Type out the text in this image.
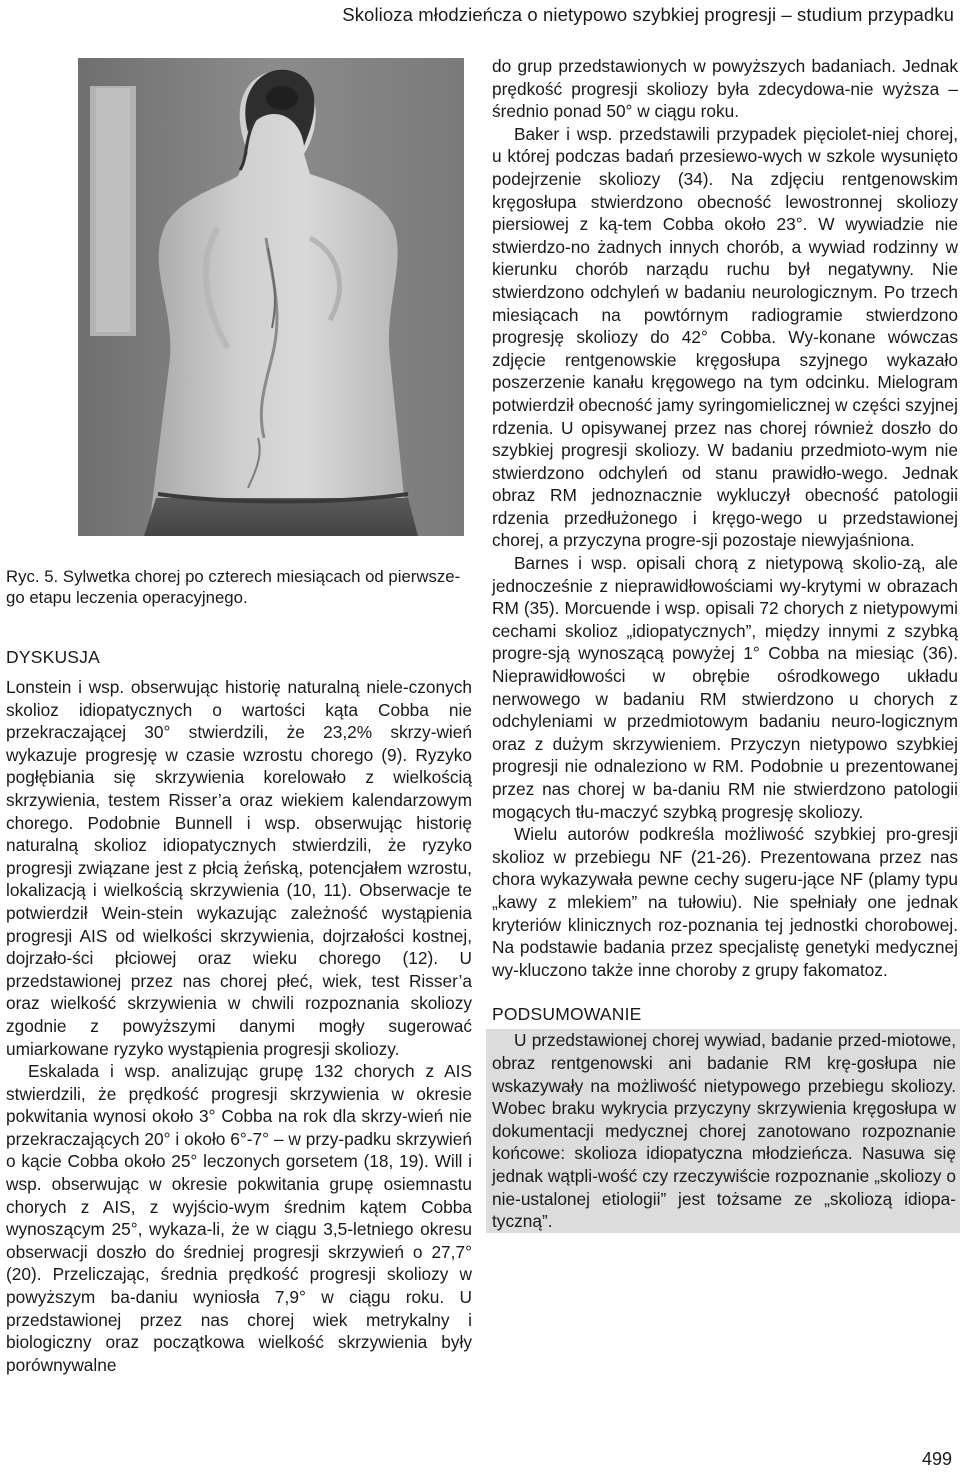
Skolioza młodzieńcza o nietypowo szybkiej progresji – studium przypadku
Ryc. 5. Sylwetka chorej po czterech miesiącach od pierwsze-go etapu leczenia operacyjnego.
DYSKUSJA

Lonstein i wsp. obserwując historię naturalną niele-czonych skolioz idiopatycznych o wartości kąta Cobba nie przekraczającej 30° stwierdzili, że 23,2% skrzy-wień wykazuje progresję w czasie wzrostu chorego (9). Ryzyko pogłębiania się skrzywienia korelowało z wielkością skrzywienia, testem Risser’a oraz wiekiem kalendarzowym chorego. Podobnie Bunnell i wsp. obserwując historię naturalną skolioz idiopatycznych stwierdzili, że ryzyko progresji związane jest z płcią żeńską, potencjałem wzrostu, lokalizacją i wielkością skrzywienia (10, 11). Obserwacje te potwierdził Wein-stein wykazując zależność wystąpienia progresji AIS od wielkości skrzywienia, dojrzałości kostnej, dojrzało-ści płciowej oraz wieku chorego (12). U przedstawionej przez nas chorej płeć, wiek, test Risser’a oraz wielkość skrzywienia w chwili rozpoznania skoliozy zgodnie z powyższymi danymi mogły sugerować umiarkowane ryzyko wystąpienia progresji skoliozy.

Eskalada i wsp. analizując grupę 132 chorych z AIS stwierdzili, że prędkość progresji skrzywienia w okresie pokwitania wynosi około 3° Cobba na rok dla skrzy-wień nie przekraczających 20° i około 6°-7° – w przy-padku skrzywień o kącie Cobba około 25° leczonych gorsetem (18, 19). Will i wsp. obserwując w okresie pokwitania grupę osiemnastu chorych z AIS, z wyjścio-wym średnim kątem Cobba wynoszącym 25°, wykaza-li, że w ciągu 3,5-letniego okresu obserwacji doszło do średniej progresji skrzywień o 27,7° (20). Przeliczając, średnia prędkość progresji skoliozy w powyższym ba-daniu wyniosła 7,9° w ciągu roku. U przedstawionej przez nas chorej wiek metrykalny i biologiczny oraz początkowa wielkość skrzywienia były porównywalne

do grup przedstawionych w powyższych badaniach. Jednak prędkość progresji skoliozy była zdecydowa-nie wyższa – średnio ponad 50° w ciągu roku.

Baker i wsp. przedstawili przypadek pięciolet-niej chorej, u której podczas badań przesiewo-wych w szkole wysunięto podejrzenie skoliozy (34). Na zdjęciu rentgenowskim kręgosłupa stwierdzono obecność lewostronnej skoliozy piersiowej z ką-tem Cobba około 23°. W wywiadzie nie stwierdzo-no żadnych innych chorób, a wywiad rodzinny w kierunku chorób narządu ruchu był negatywny. Nie stwierdzono odchyleń w badaniu neurologicznym. Po trzech miesiącach na powtórnym radiogramie stwierdzono progresję skoliozy do 42° Cobba. Wy-konane wówczas zdjęcie rentgenowskie kręgosłupa szyjnego wykazało poszerzenie kanału kręgowego na tym odcinku. Mielogram potwierdził obecność jamy syringomielicznej w części szyjnej rdzenia. U opisywanej przez nas chorej również doszło do szybkiej progresji skoliozy. W badaniu przedmioto-wym nie stwierdzono odchyleń od stanu prawidło-wego. Jednak obraz RM jednoznacznie wykluczył obecność patologii rdzenia przedłużonego i kręgo-wego u przedstawionej chorej, a przyczyna progre-sji pozostaje niewyjaśniona.

Barnes i wsp. opisali chorą z nietypową skolio-zą, ale jednocześnie z nieprawidłowościami wy-krytymi w obrazach RM (35). Morcuende i wsp. opisali 72 chorych z nietypowymi cechami skolioz „idiopatycznych”, między innymi z szybką progre-sją wynoszącą powyżej 1° Cobba na miesiąc (36). Nieprawidłowości w obrębie ośrodkowego układu nerwowego w badaniu RM stwierdzono u chorych z odchyleniami w przedmiotowym badaniu neuro-logicznym oraz z dużym skrzywieniem. Przyczyn nietypowo szybkiej progresji nie odnaleziono w RM. Podobnie u prezentowanej przez nas chorej w ba-daniu RM nie stwierdzono patologii mogących tłu-maczyć szybką progresję skoliozy.

Wielu autorów podkreśla możliwość szybkiej pro-gresji skolioz w przebiegu NF (21-26). Prezentowana przez nas chora wykazywała pewne cechy sugeru-jące NF (plamy typu „kawy z mlekiem” na tułowiu). Nie spełniały one jednak kryteriów klinicznych roz-poznania tej jednostki chorobowej. Na podstawie badania przez specjalistę genetyki medycznej wy-kluczono także inne choroby z grupy fakomatoz.

PODSUMOWANIE

U przedstawionej chorej wywiad, badanie przed-miotowe, obraz rentgenowski ani badanie RM krę-gosłupa nie wskazywały na możliwość nietypowego przebiegu skoliozy. Wobec braku wykrycia przyczyny skrzywienia kręgosłupa w dokumentacji medycznej chorej zanotowano rozpoznanie końcowe: skolioza idiopatyczna młodzieńcza. Nasuwa się jednak wątpli-wość czy rzeczywiście rozpoznanie „skoliozy o nie-ustalonej etiologii” jest tożsame ze „skoliozą idiopa-tyczną”.

499
